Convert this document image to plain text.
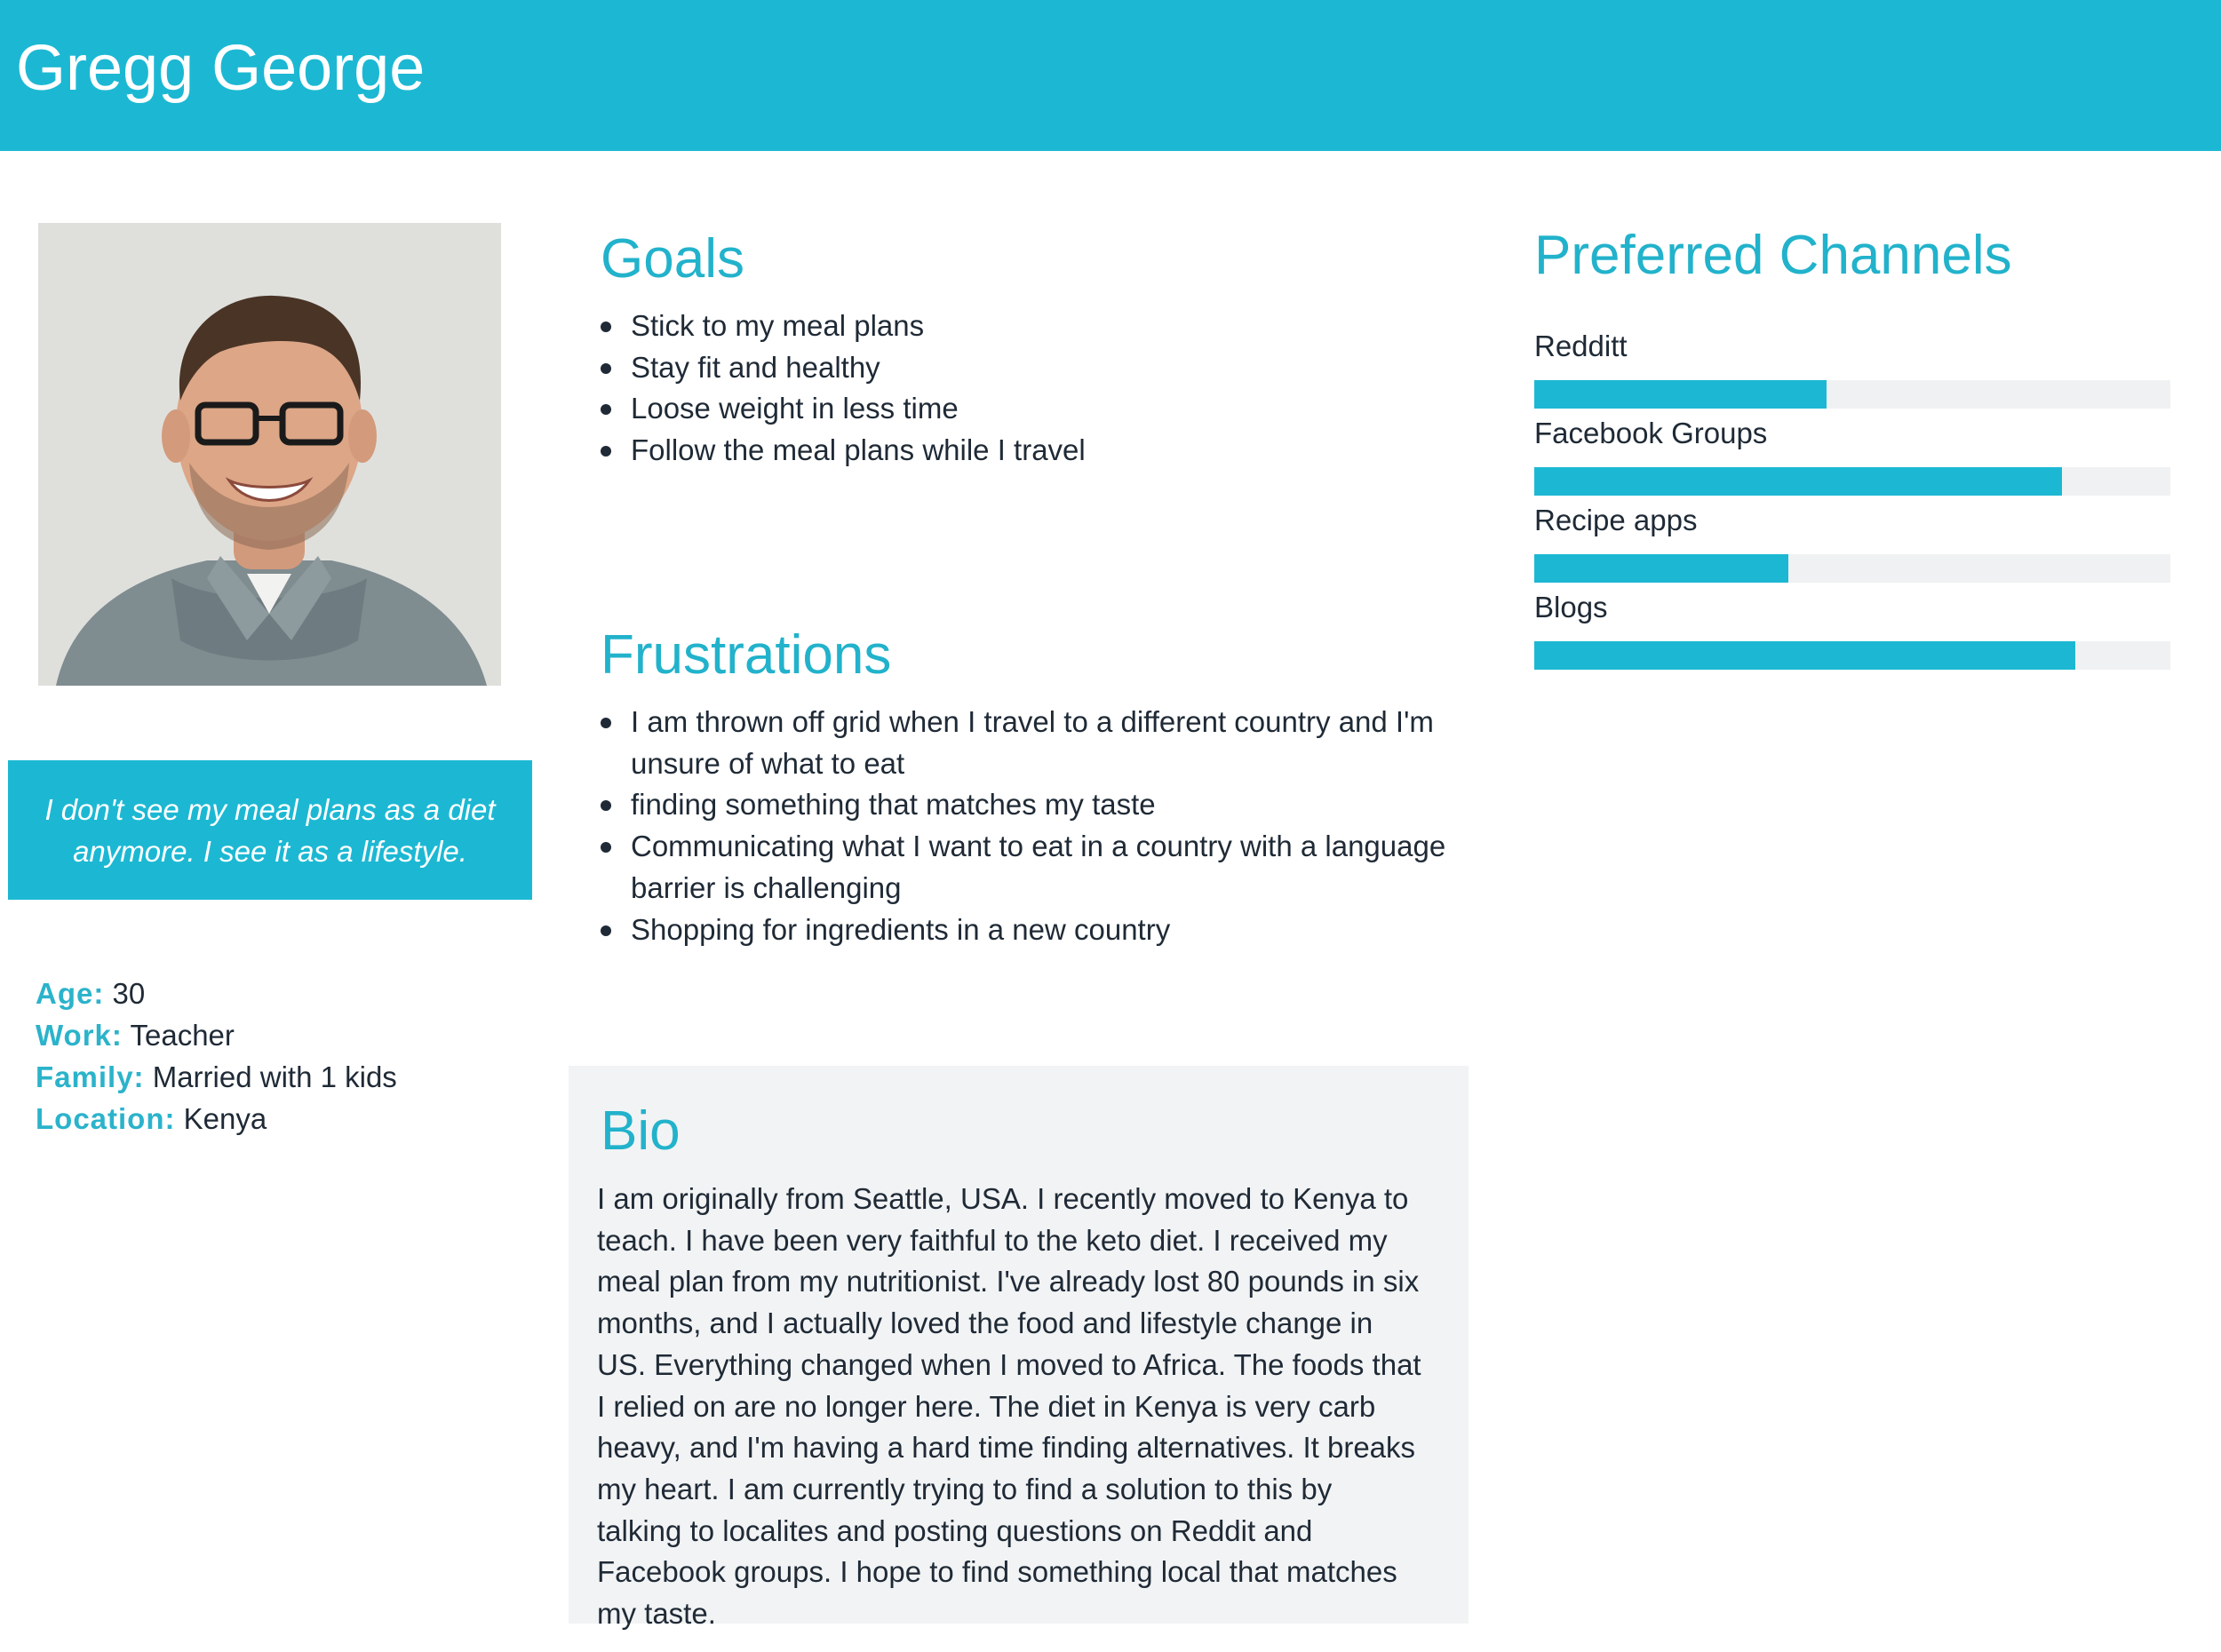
Gregg George
I don't see my meal plans as a diet anymore. I see it as a lifestyle.
Age: 30
Work: Teacher
Family: Married with 1 kids
Location: Kenya
Goals
Stick to my meal plans
Stay fit and healthy
Loose weight in less time
Follow the meal plans while I travel
Frustrations
I am thrown off grid when I travel to a different country and I'm unsure of what to eat
finding something that matches my taste
Communicating what I want to eat in a country with a language barrier is challenging
Shopping for ingredients in a new country
Bio

I am originally from Seattle, USA. I recently moved to Kenya to teach. I have been very faithful to the keto diet. I received my meal plan from my nutritionist. I've already lost 80 pounds in six months, and I actually loved the food and lifestyle change in US. Everything changed when I moved to Africa. The foods that I relied on are no longer here. The diet in Kenya is very carb heavy, and I'm having a hard time finding alternatives. It breaks my heart. I am currently trying to find a solution to this by talking to localites and posting questions on Reddit and Facebook groups. I hope to find something local that matches my taste.

Preferred Channels
Redditt
Facebook Groups
Recipe apps
Blogs
